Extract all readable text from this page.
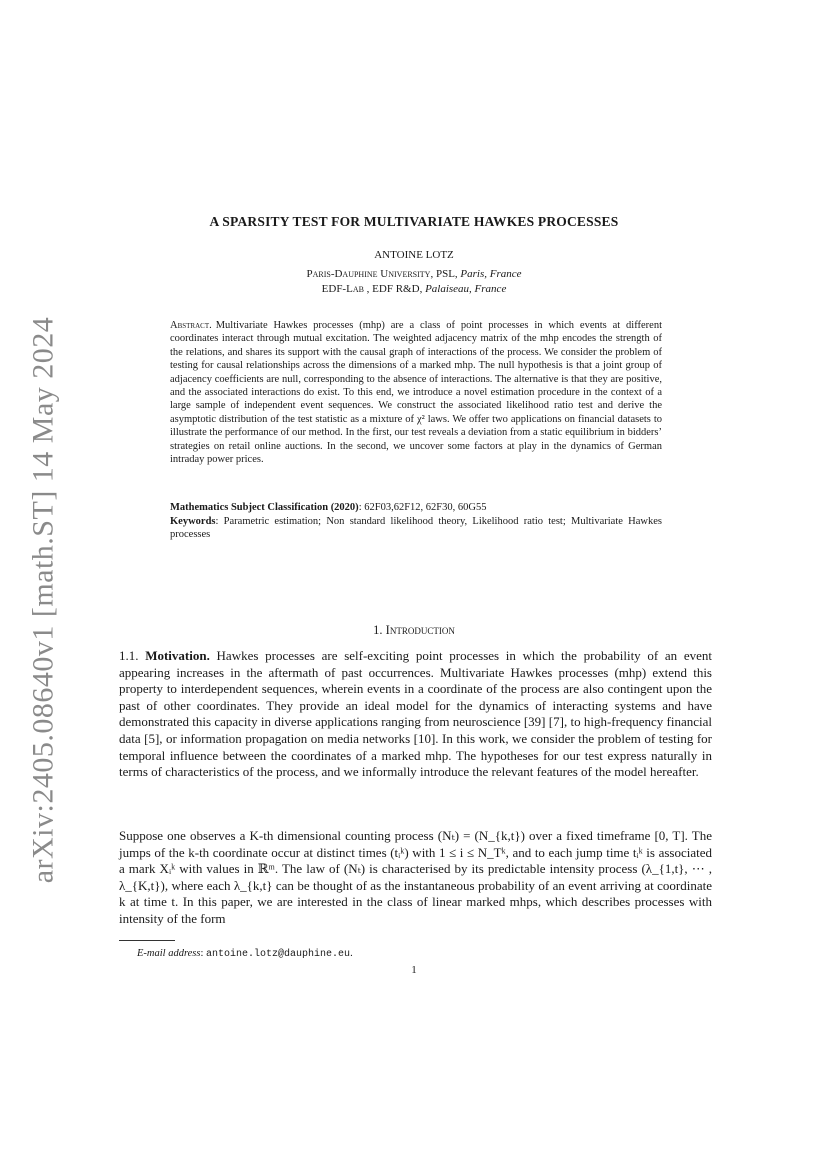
arXiv:2405.08640v1 [math.ST] 14 May 2024
A SPARSITY TEST FOR MULTIVARIATE HAWKES PROCESSES
ANTOINE LOTZ
Paris-Dauphine University, PSL, Paris, France
EDF-Lab , EDF R&D, Palaiseau, France
Abstract. Multivariate Hawkes processes (mhp) are a class of point processes in which events at different coordinates interact through mutual excitation. The weighted adjacency matrix of the mhp encodes the strength of the relations, and shares its support with the causal graph of interactions of the process. We consider the problem of testing for causal relationships across the dimensions of a marked mhp. The null hypothesis is that a joint group of adjacency coefficients are null, corresponding to the absence of interactions. The alternative is that they are positive, and the associated interactions do exist. To this end, we introduce a novel estimation procedure in the context of a large sample of independent event sequences. We construct the associated likelihood ratio test and derive the asymptotic distribution of the test statistic as a mixture of χ² laws. We offer two applications on financial datasets to illustrate the performance of our method. In the first, our test reveals a deviation from a static equilibrium in bidders’ strategies on retail online auctions. In the second, we uncover some factors at play in the dynamics of German intraday power prices.
Mathematics Subject Classification (2020): 62F03,62F12, 62F30, 60G55
Keywords: Parametric estimation; Non standard likelihood theory, Likelihood ratio test; Multivariate Hawkes processes
1. Introduction
1.1. Motivation. Hawkes processes are self-exciting point processes in which the probability of an event appearing increases in the aftermath of past occurrences. Multivariate Hawkes processes (mhp) extend this property to interdependent sequences, wherein events in a coordinate of the process are also contingent upon the past of other coordinates. They provide an ideal model for the dynamics of interacting systems and have demonstrated this capacity in diverse applications ranging from neuroscience [39] [7], to high-frequency financial data [5], or information propagation on media networks [10]. In this work, we consider the problem of testing for temporal influence between the coordinates of a marked mhp. The hypotheses for our test express naturally in terms of characteristics of the process, and we informally introduce the relevant features of the model hereafter.
Suppose one observes a K-th dimensional counting process (Nₜ) = (N_{k,t}) over a fixed timeframe [0, T]. The jumps of the k-th coordinate occur at distinct times (tᵢᵏ) with 1 ≤ i ≤ N_Tᵏ, and to each jump time tᵢᵏ is associated a mark Xᵢᵏ with values in ℝᵐ. The law of (Nₜ) is characterised by its predictable intensity process (λ_{1,t}, ⋯ , λ_{K,t}), where each λ_{k,t} can be thought of as the instantaneous probability of an event arriving at coordinate k at time t. In this paper, we are interested in the class of linear marked mhps, which describes processes with intensity of the form
E-mail address: antoine.lotz@dauphine.eu.
1
